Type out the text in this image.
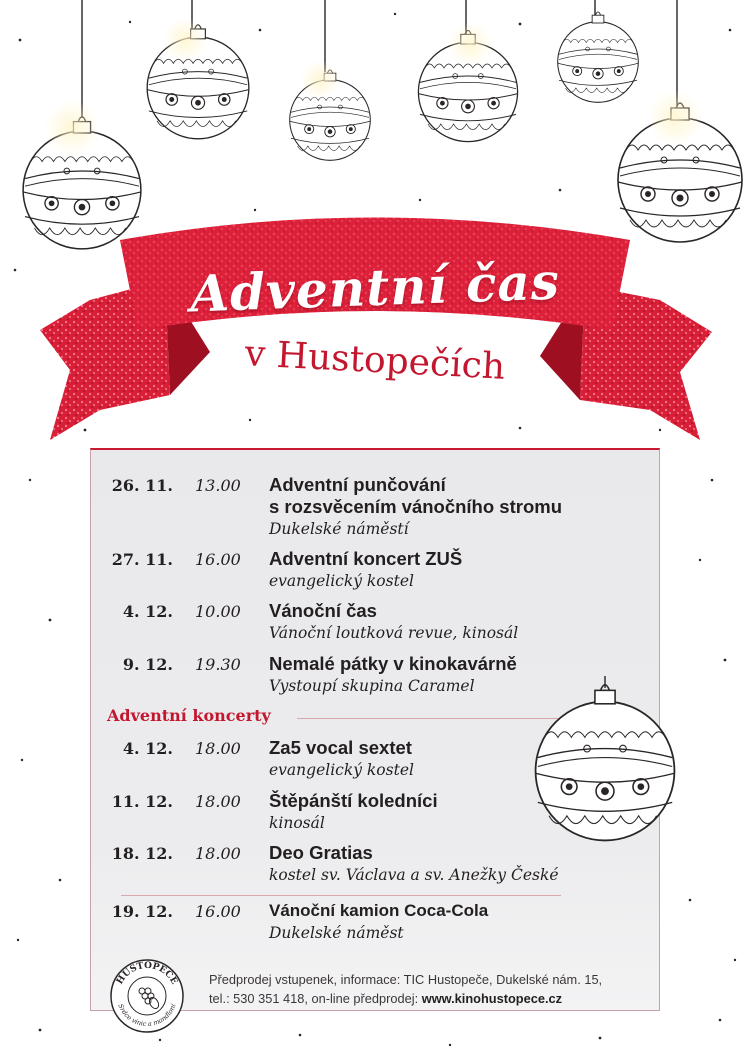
Adventní čas
v Hustopečích
26. 11. 13.00 Adventní punčování
s rozsvěcením vánočního stromu
Dukelské náměstí
27. 11. 16.00 Adventní koncert ZUŠ
evangelický kostel
4. 12. 10.00 Vánoční čas
Vánoční loutková revue, kinosál
9. 12. 19.30 Nemalé pátky v kinokavárně
Vystoupí skupina Caramel
Adventní koncerty
4. 12. 18.00 Za5 vocal sextet
evangelický kostel
11. 12. 18.00 Štěpánští koledníci
kinosál
18. 12. 18.00 Deo Gratias
kostel sv. Václava a sv. Anežky České
19. 12. 16.00 Vánoční kamion Coca-Cola
Dukelské náměst
HUSTOPEČE
Srdce vinic a mandloní
Předprodej vstupenek, informace: TIC Hustopeče, Dukelské nám. 15,
tel.: 530 351 418, on-line předprodej: www.kinohustopece.cz
